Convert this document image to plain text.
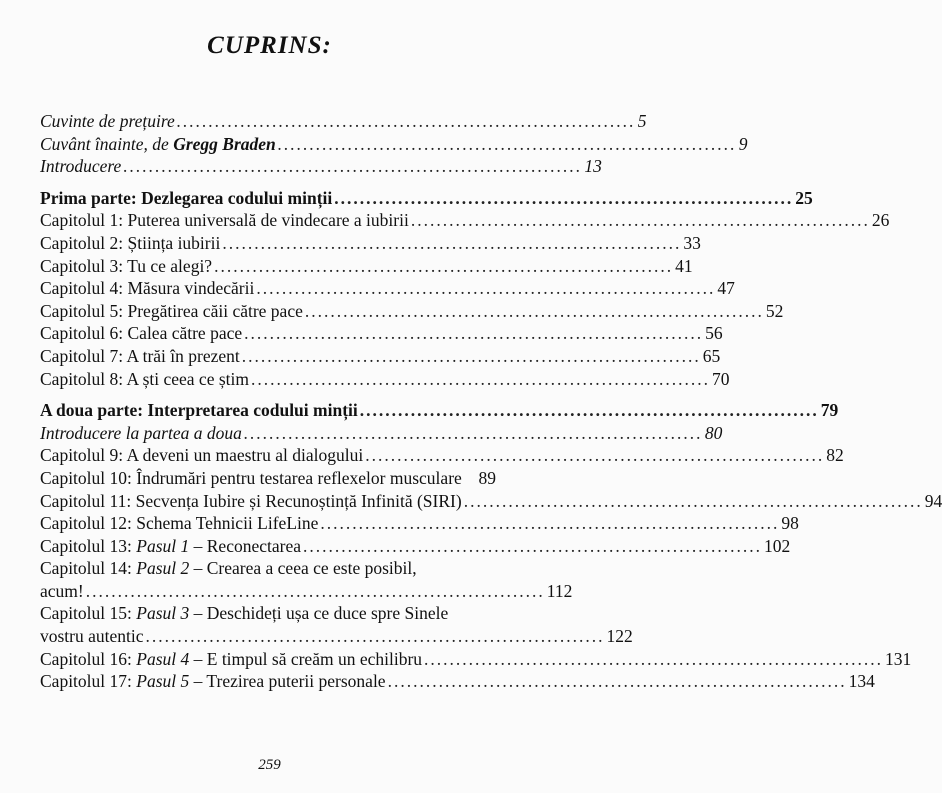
CUPRINS:
Cuvinte de prețuire ........................................................................ 5
Cuvânt înainte, de Gregg Braden ........................................................................ 9
Introducere ........................................................................ 13
Prima parte: Dezlegarea codului minții ........................................................................ 25
Capitolul 1: Puterea universală de vindecare a iubirii ........................................................................ 26
Capitolul 2: Știința iubirii ........................................................................ 33
Capitolul 3: Tu ce alegi? ........................................................................ 41
Capitolul 4: Măsura vindecării ........................................................................ 47
Capitolul 5: Pregătirea căii către pace ........................................................................ 52
Capitolul 6: Calea către pace ........................................................................ 56
Capitolul 7: A trăi în prezent ........................................................................ 65
Capitolul 8: A ști ceea ce știm ........................................................................ 70
A doua parte: Interpretarea codului minții ........................................................................ 79
Introducere la partea a doua ........................................................................ 80
Capitolul 9: A deveni un maestru al dialogului ........................................................................ 82
Capitolul 10: Îndrumări pentru testarea reflexelor musculare 89
Capitolul 11: Secvența Iubire și Recunoștință Infinită (SIRI) ........................................................................ 94
Capitolul 12: Schema Tehnicii LifeLine ........................................................................ 98
Capitolul 13: Pasul 1 – Reconectarea ........................................................................ 102
Capitolul 14: Pasul 2 – Crearea a ceea ce este posibil,
acum! ........................................................................ 112
Capitolul 15: Pasul 3 – Deschideți ușa ce duce spre Sinele
vostru autentic ........................................................................ 122
Capitolul 16: Pasul 4 – E timpul să creăm un echilibru ........................................................................ 131
Capitolul 17: Pasul 5 – Trezirea puterii personale ........................................................................ 134
259
